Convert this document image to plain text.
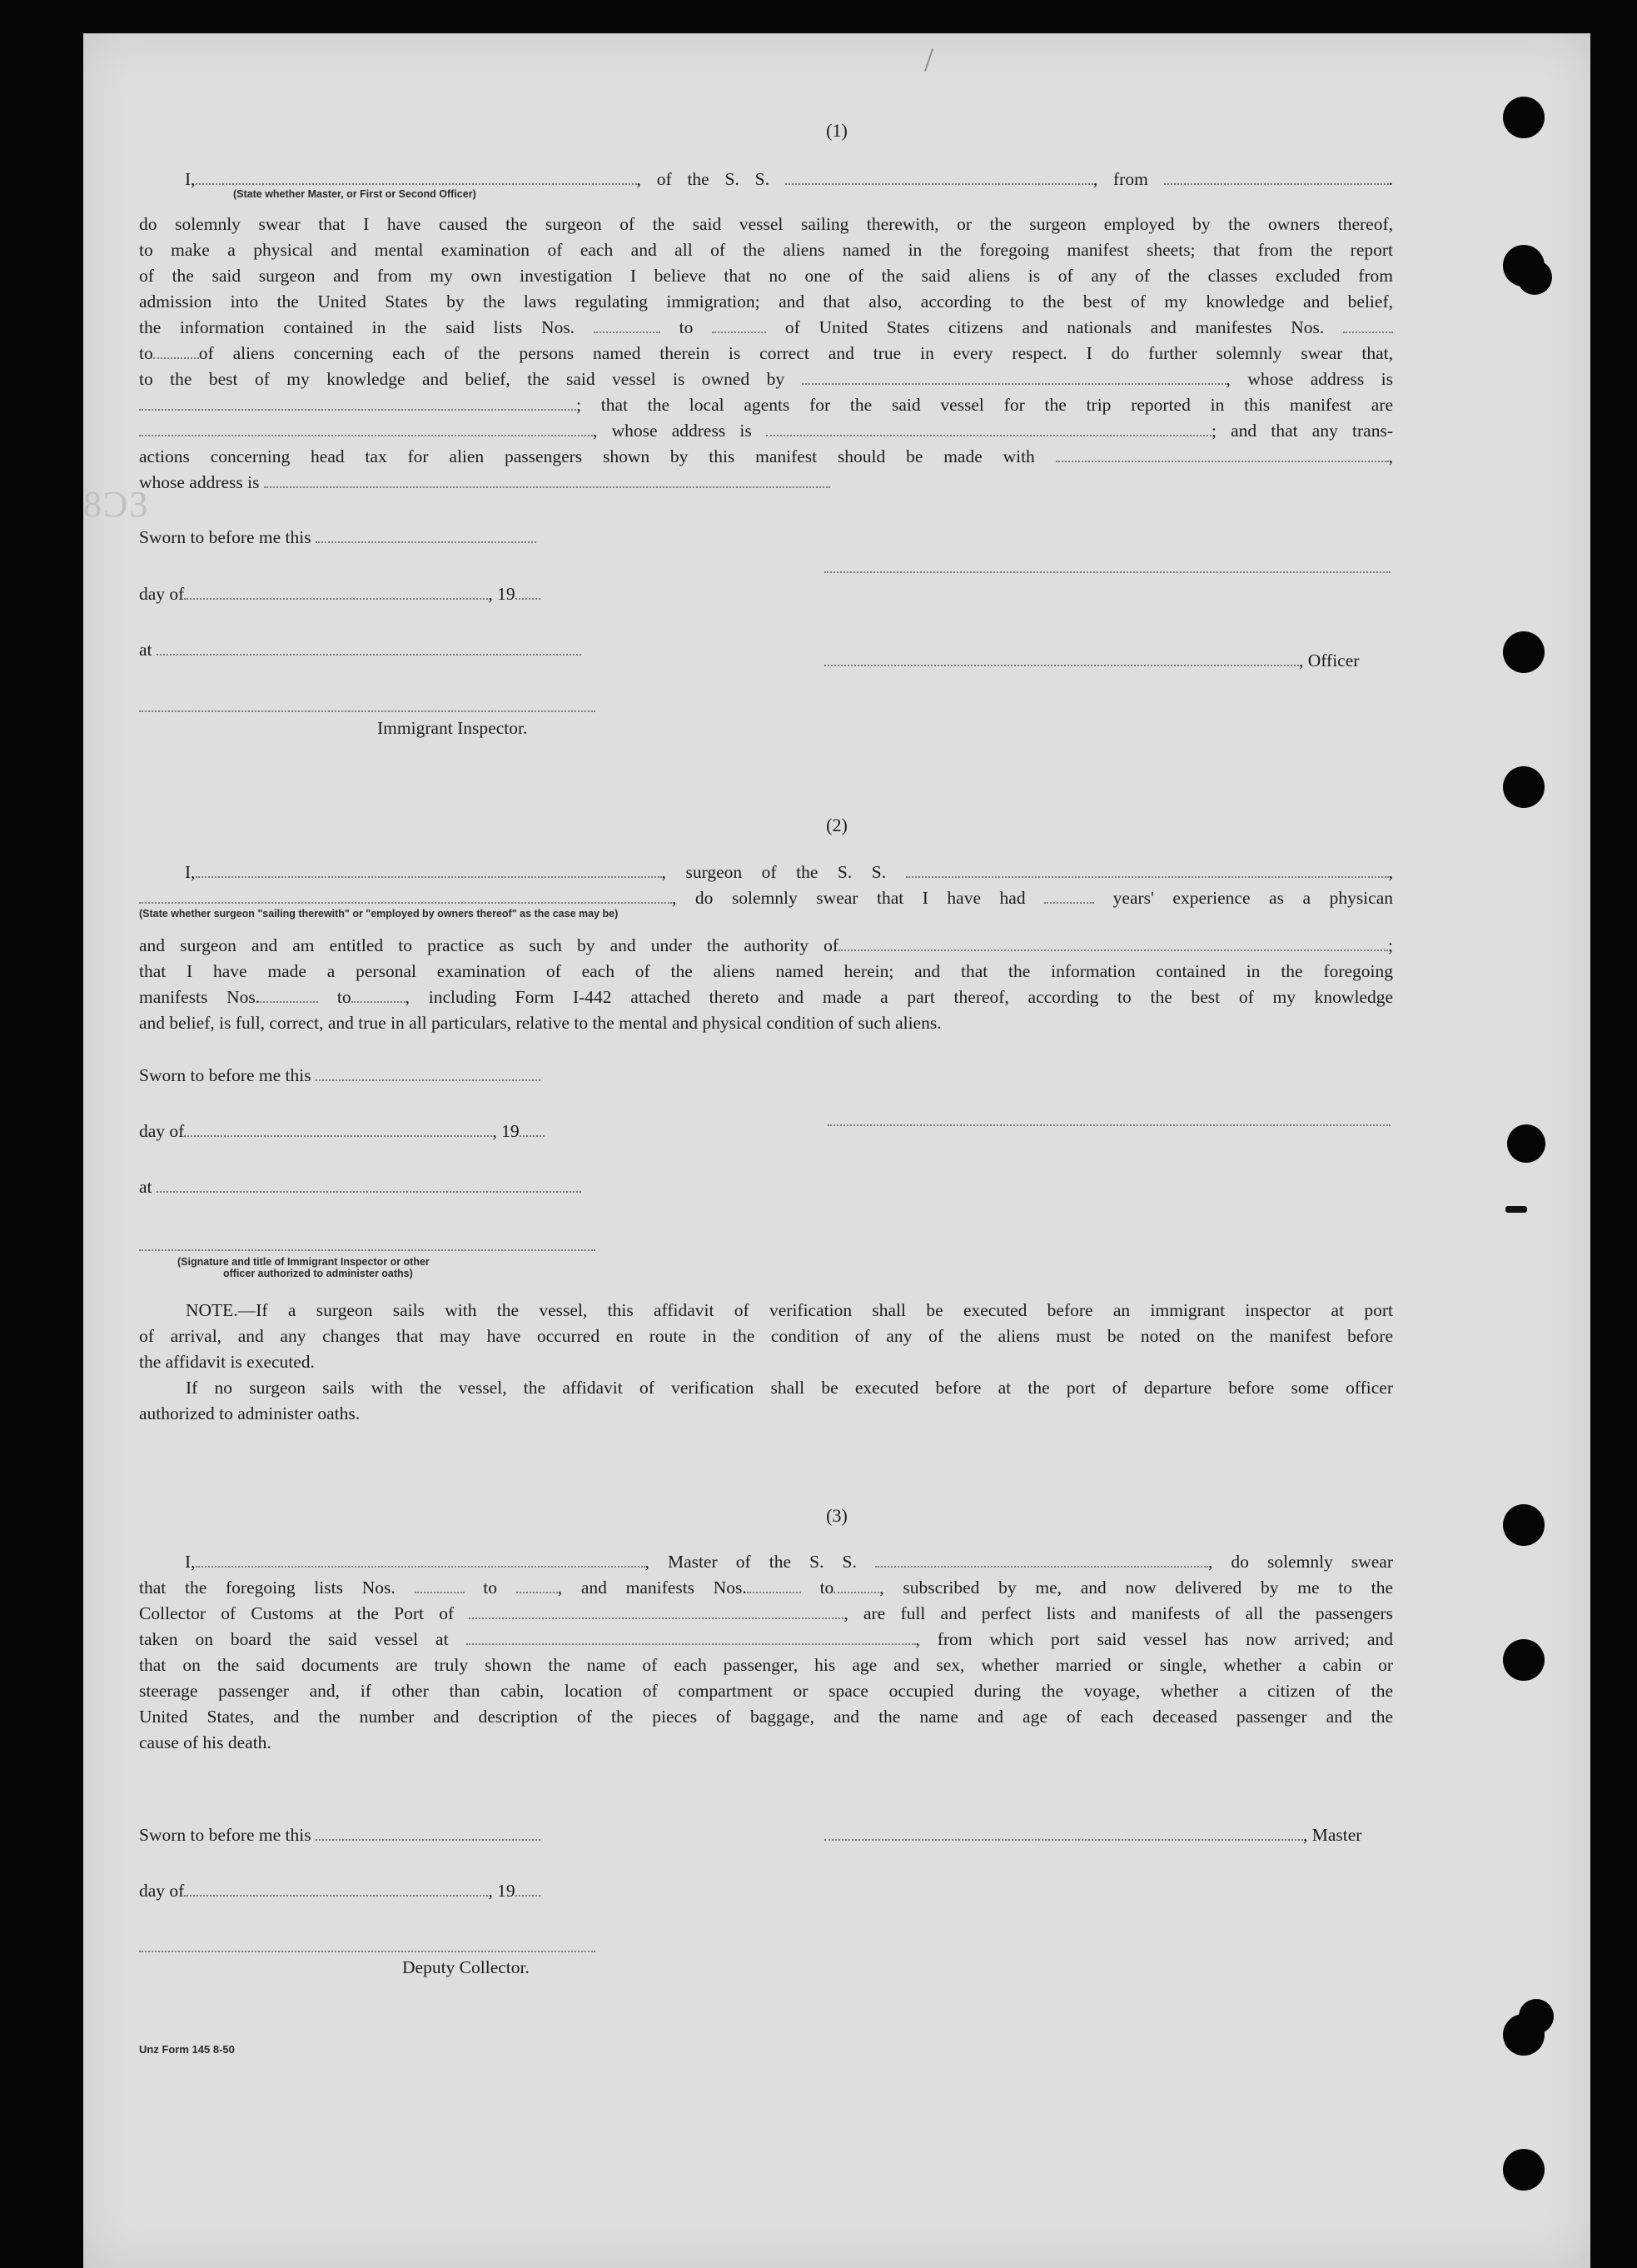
/
8Ɔ3
(1)
I,	, of the S. S.	, from	.
(State whether Master, or First or Second Officer)
do solemnly swear that I have caused the surgeon of the said vessel sailing therewith, or the surgeon employed by the owners thereof,
to make a physical and mental examination of each and all of the aliens named in the foregoing manifest sheets; that from the report
of the said surgeon and from my own investigation I believe that no one of the said aliens is of any of the classes excluded from
admission into the United States by the laws regulating immigration; and that also, according to the best of my knowledge and belief,
the information contained in the said lists Nos.	to	of United States citizens and nationals and manifestes Nos.
to	of aliens concerning each of the persons named therein is correct and true in every respect. I do further solemnly swear that,
to the best of my knowledge and belief, the said vessel is owned by	, whose address is
; that the local agents for the said vessel for the trip reported in this manifest are
, whose address is	; and that any trans-
actions concerning head tax for alien passengers shown by this manifest should be made with	,
whose address is
Sworn to before me this
day of	, 19
at
, Officer
Immigrant Inspector.
(2)
I,	, surgeon of the S. S.	,
, do solemnly swear that I have had	years' experience as a physican
(State whether surgeon "sailing therewith" or "employed by owners thereof" as the case may be)
and surgeon and am entitled to practice as such by and under the authority of	;
that I have made a personal examination of each of the aliens named herein; and that the information contained in the foregoing
manifests Nos.	to	, including Form I-442 attached thereto and made a part thereof, according to the best of my knowledge
and belief, is full, correct, and true in all particulars, relative to the mental and physical condition of such aliens.
Sworn to before me this
day of	, 19
at
(Signature and title of Immigrant Inspector or other
officer authorized to administer oaths)
NOTE.—If a surgeon sails with the vessel, this affidavit of verification shall be executed before an immigrant inspector at port
of arrival, and any changes that may have occurred en route in the condition of any of the aliens must be noted on the manifest before
the affidavit is executed.
If no surgeon sails with the vessel, the affidavit of verification shall be executed before at the port of departure before some officer
authorized to administer oaths.
(3)
I,	, Master of the S. S.	, do solemnly swear
that the foregoing lists Nos.	to	, and manifests Nos.	to	, subscribed by me, and now delivered by me to the
Collector of Customs at the Port of	, are full and perfect lists and manifests of all the passengers
taken on board the said vessel at	, from which port said vessel has now arrived; and
that on the said documents are truly shown the name of each passenger, his age and sex, whether married or single, whether a cabin or
steerage passenger and, if other than cabin, location of compartment or space occupied during the voyage, whether a citizen of the
United States, and the number and description of the pieces of baggage, and the name and age of each deceased passenger and the
cause of his death.
Sworn to before me this	, Master
day of	, 19
Deputy Collector.
Unz Form 145 8-50
